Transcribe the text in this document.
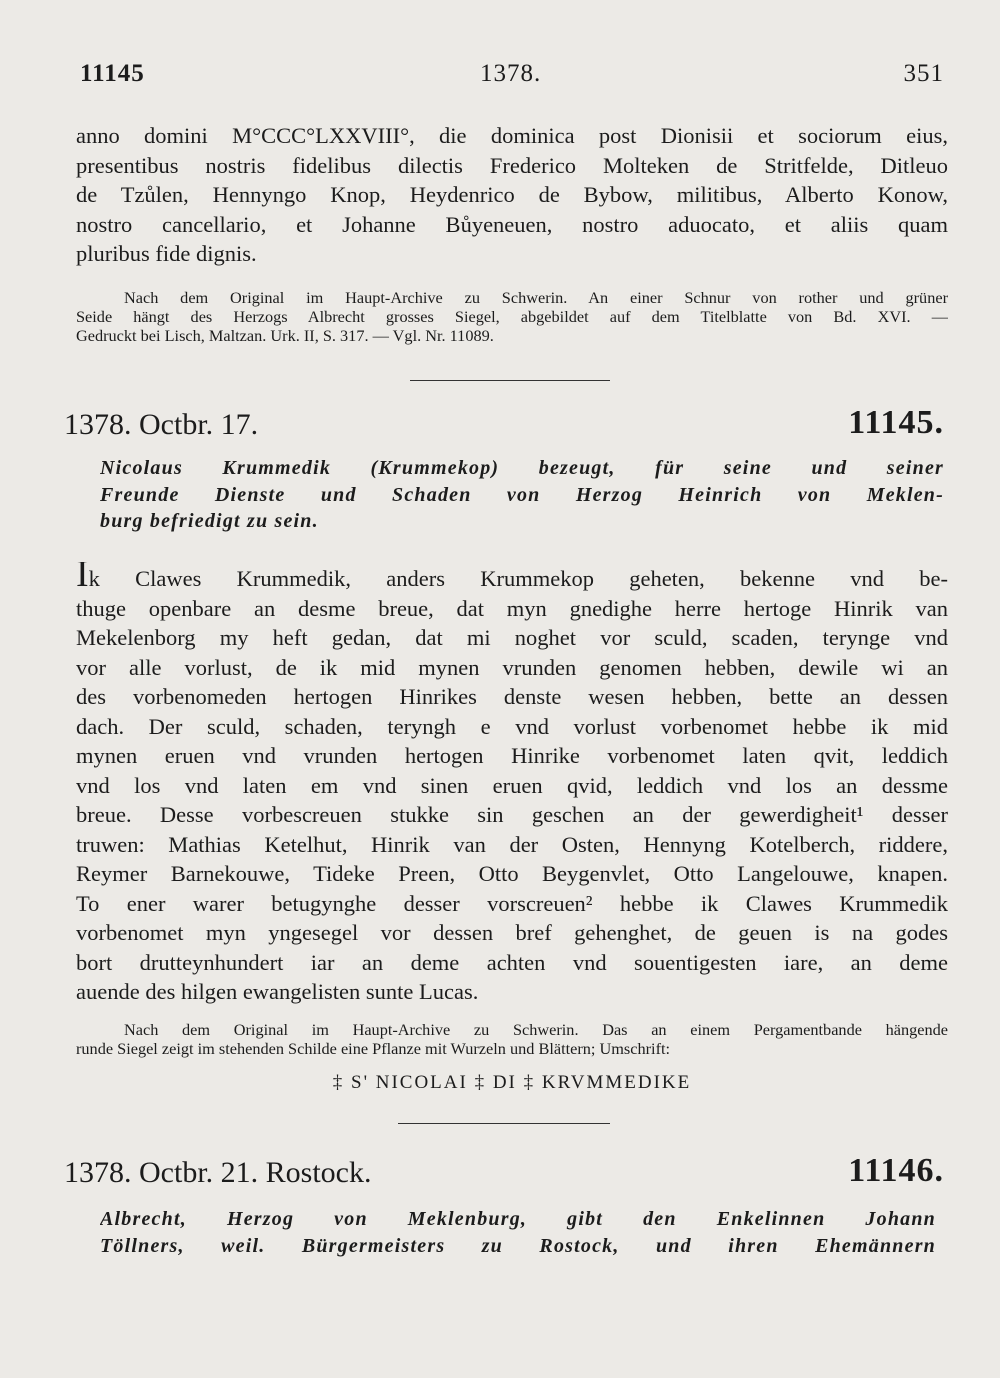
11145	1378.	351
anno domini M°CCC°LXXVIII°, die dominica post Dionisii et sociorum eius,
presentibus nostris fidelibus dilectis Frederico Molteken de Stritfelde, Ditleuo
de Tzůlen, Hennyngo Knop, Heydenrico de Bybow, militibus, Alberto Konow,
nostro cancellario, et Johanne Bůyeneuen, nostro aduocato, et aliis quam
pluribus fide dignis.
Nach dem Original im Haupt-Archive zu Schwerin. An einer Schnur von rother und grüner
Seide hängt des Herzogs Albrecht grosses Siegel, abgebildet auf dem Titelblatte von Bd. XVI. —
Gedruckt bei Lisch, Maltzan. Urk. II, S. 317. — Vgl. Nr. 11089.
1378. Octbr. 17.	11145.
Nicolaus Krummedik (Krummekop) bezeugt, für seine und seiner
Freunde Dienste und Schaden von Herzog Heinrich von Meklen-
burg befriedigt zu sein.
Ik Clawes Krummedik, anders Krummekop geheten, bekenne vnd be-
thuge openbare an desme breue, dat myn gnedighe herre hertoge Hinrik van
Mekelenborg my heft gedan, dat mi noghet vor sculd, scaden, terynge vnd
vor alle vorlust, de ik mid mynen vrunden genomen hebben, dewile wi an
des vorbenomeden hertogen Hinrikes denste wesen hebben, bette an dessen
dach. Der sculd, schaden, teryngh e vnd vorlust vorbenomet hebbe ik mid
mynen eruen vnd vrunden hertogen Hinrike vorbenomet laten qvit, leddich
vnd los vnd laten em vnd sinen eruen qvid, leddich vnd los an dessme
breue. Desse vorbescreuen stukke sin geschen an der gewerdigheit¹ desser
truwen: Mathias Ketelhut, Hinrik van der Osten, Hennyng Kotelberch, riddere,
Reymer Barnekouwe, Tideke Preen, Otto Beygenvlet, Otto Langelouwe, knapen.
To ener warer betugynghe desser vorscreuen² hebbe ik Clawes Krummedik
vorbenomet myn yngesegel vor dessen bref gehenghet, de geuen is na godes
bort drutteynhundert iar an deme achten vnd souentigesten iare, an deme
auende des hilgen ewangelisten sunte Lucas.
Nach dem Original im Haupt-Archive zu Schwerin. Das an einem Pergamentbande hängende
runde Siegel zeigt im stehenden Schilde eine Pflanze mit Wurzeln und Blättern; Umschrift:
‡ S' NICOLAI ‡ DI ‡ KRVMMEDIKE
1378. Octbr. 21. Rostock.	11146.
Albrecht, Herzog von Meklenburg, gibt den Enkelinnen Johann
Töllners, weil. Bürgermeisters zu Rostock, und ihren Ehemännern
